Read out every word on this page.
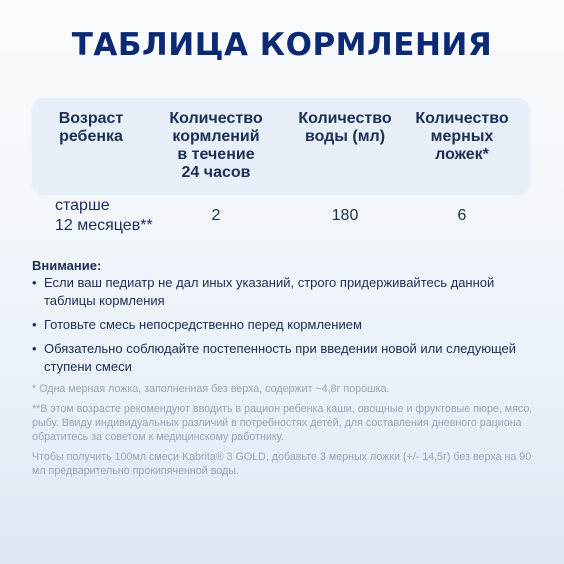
ТАБЛИЦА КОРМЛЕНИЯ
Возраст
ребенка
Количество
кормлений
в течение
24 часов
Количество
воды (мл)
Количество
мерных
ложек*
старше
12 месяцев**
2	180	6
Внимание:
• Если ваш педиатр не дал иных указаний, строго придерживайтесь данной таблицы кормления
• Готовьте смесь непосредственно перед кормлением
• Обязательно соблюдайте постепенность при введении новой или следующей ступени смеси

* Одна мерная ложка, заполненная без верха, содержит ~4,8г порошка.

**В этом возрасте рекомендуют вводить в рацион ребенка каши, овощные и фруктовые пюре, мясо, рыбу. Ввиду индивидуальных различий в потребностях детей, для составления дневного рациона обратитесь за советом к медицинскому работнику.

Чтобы получить 100мл смеси Kabrita® 3 GOLD, добавьте 3 мерных ложки (+/- 14,5г) без верха на 90 мл предварительно прокипяченной воды.
